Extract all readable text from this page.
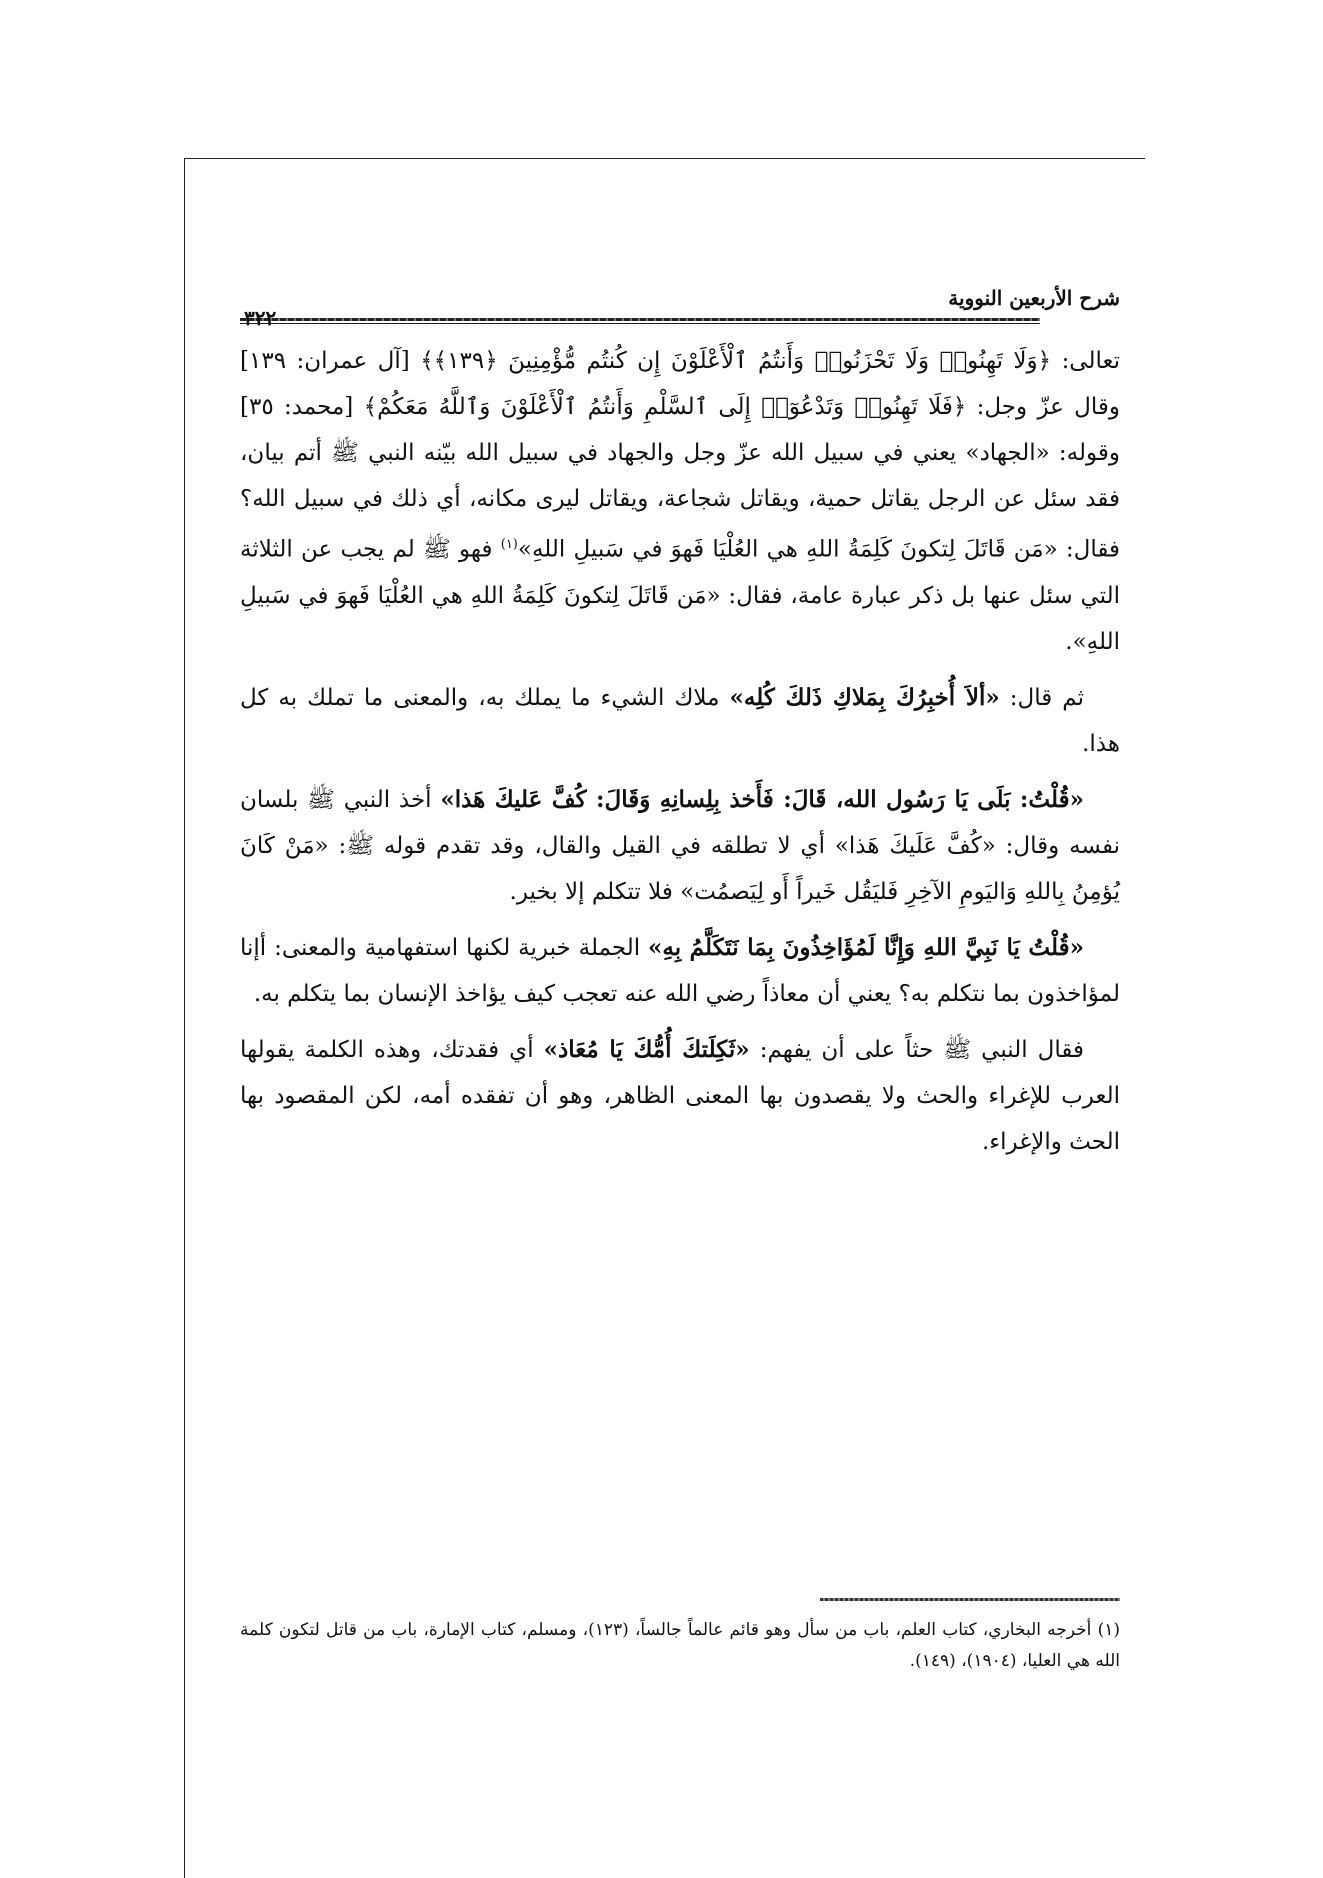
شرح الأربعين النووية
٣٢٢

تعالى: ﴿وَلَا تَهِنُوا۟ وَلَا تَحْزَنُوا۟ وَأَنتُمُ ٱلْأَعْلَوْنَ إِن كُنتُم مُّؤْمِنِينَ ﴿١٣٩﴾﴾ [آل عمران: ١٣٩] وقال عزّ وجل: ﴿فَلَا تَهِنُوا۟ وَتَدْعُوٓا۟ إِلَى ٱلسَّلْمِ وَأَنتُمُ ٱلْأَعْلَوْنَ وَٱللَّهُ مَعَكُمْ﴾ [محمد: ٣٥] وقوله: «الجهاد» يعني في سبيل الله عزّ وجل والجهاد في سبيل الله بيّنه النبي ﷺ أتم بيان، فقد سئل عن الرجل يقاتل حمية، ويقاتل شجاعة، ويقاتل ليرى مكانه، أي ذلك في سبيل الله؟ فقال: «مَن قَاتَلَ لِتكونَ كَلِمَةُ اللهِ هي العُلْيَا فَهوَ في سَبيلِ اللهِ»$^{(١)}$ فهو ﷺ لم يجب عن الثلاثة التي سئل عنها بل ذكر عبارة عامة، فقال: «مَن قَاتَلَ لِتكونَ كَلِمَةُ اللهِ هي العُلْيَا فَهوَ في سَبيلِ اللهِ».

ثم قال: «ألاَ أُخبِرُكَ بِمَلاكِ ذَلكَ كُلِه» ملاك الشيء ما يملك به، والمعنى ما تملك به كل هذا.

«قُلْتُ: بَلَى يَا رَسُول الله، قَالَ: فَأَخذ بِلِسانِهِ وَقَالَ: كُفَّ عَليكَ هَذا» أخذ النبي ﷺ بلسان نفسه وقال: «كُفَّ عَلَيكَ هَذا» أي لا تطلقه في القيل والقال، وقد تقدم قوله ﷺ: «مَنْ كَانَ يُؤمِنُ بِاللهِ وَاليَومِ الآخِرِ فَليَقُل خَيراً أَو لِيَصمُت» فلا تتكلم إلا بخير.

«قُلْتُ يَا نَبِيَّ اللهِ وَإِنَّا لَمُؤَاخِذُونَ بِمَا نَتَكَلَّمُ بِهِ» الجملة خبرية لكنها استفهامية والمعنى: أإنا لمؤاخذون بما نتكلم به؟ يعني أن معاذاً رضي الله عنه تعجب كيف يؤاخذ الإنسان بما يتكلم به.

فقال النبي ﷺ حثاً على أن يفهم: «ثَكِلَتكَ أُمُّكَ يَا مُعَاذ» أي فقدتك، وهذه الكلمة يقولها العرب للإغراء والحث ولا يقصدون بها المعنى الظاهر، وهو أن تفقده أمه، لكن المقصود بها الحث والإغراء.

(١) أخرجه البخاري، كتاب العلم، باب من سأل وهو قائم عالماً جالساً، (١٢٣)، ومسلم، كتاب الإمارة، باب من قاتل لتكون كلمة الله هي العليا، (١٩٠٤)، (١٤٩).
